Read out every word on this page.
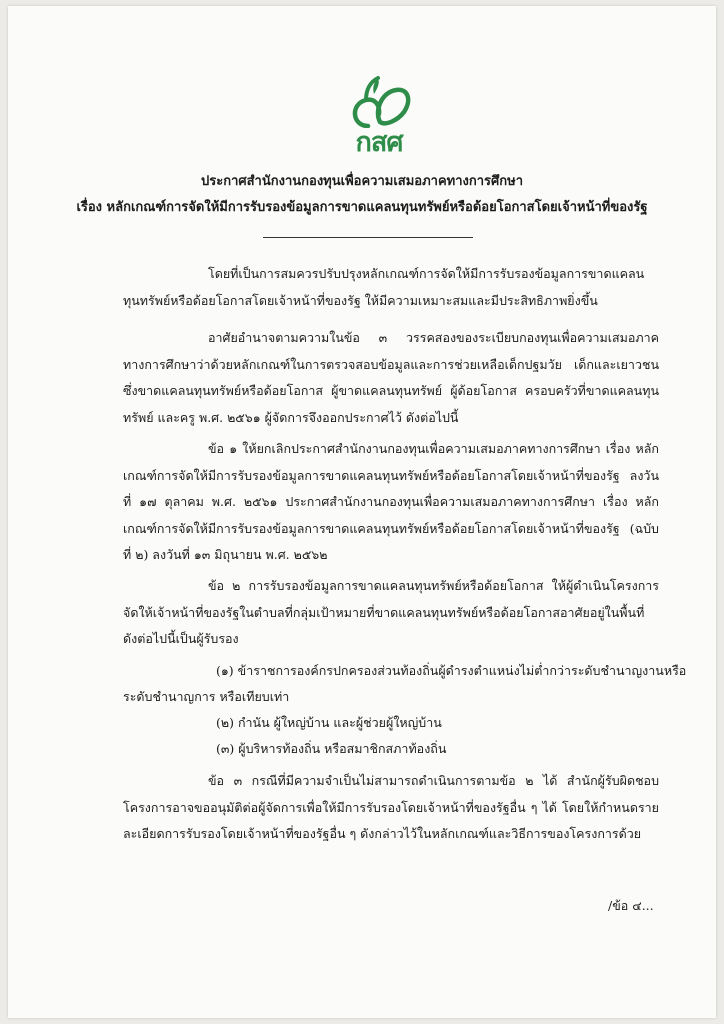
กสศ
ประกาศสำนักงานกองทุนเพื่อความเสมอภาคทางการศึกษา
เรื่อง หลักเกณฑ์การจัดให้มีการรับรองข้อมูลการขาดแคลนทุนทรัพย์หรือด้อยโอกาสโดยเจ้าหน้าที่ของรัฐ

โดยที่เป็นการสมควรปรับปรุงหลักเกณฑ์การจัดให้มีการรับรองข้อมูลการขาดแคลนทุนทรัพย์หรือด้อยโอกาสโดยเจ้าหน้าที่ของรัฐ ให้มีความเหมาะสมและมีประสิทธิภาพยิ่งขึ้น

อาศัยอำนาจตามความในข้อ ๓ วรรคสองของระเบียบกองทุนเพื่อความเสมอภาคทางการศึกษาว่าด้วยหลักเกณฑ์ในการตรวจสอบข้อมูลและการช่วยเหลือเด็กปฐมวัย เด็กและเยาวชนซึ่งขาดแคลนทุนทรัพย์หรือด้อยโอกาส ผู้ขาดแคลนทุนทรัพย์ ผู้ด้อยโอกาส ครอบครัวที่ขาดแคลนทุนทรัพย์ และครู พ.ศ. ๒๕๖๑ ผู้จัดการจึงออกประกาศไว้ ดังต่อไปนี้

ข้อ ๑ ให้ยกเลิกประกาศสำนักงานกองทุนเพื่อความเสมอภาคทางการศึกษา เรื่อง หลักเกณฑ์การจัดให้มีการรับรองข้อมูลการขาดแคลนทุนทรัพย์หรือด้อยโอกาสโดยเจ้าหน้าที่ของรัฐ ลงวันที่ ๑๗ ตุลาคม พ.ศ. ๒๕๖๑ ประกาศสำนักงานกองทุนเพื่อความเสมอภาคทางการศึกษา เรื่อง หลักเกณฑ์การจัดให้มีการรับรองข้อมูลการขาดแคลนทุนทรัพย์หรือด้อยโอกาสโดยเจ้าหน้าที่ของรัฐ (ฉบับที่ ๒) ลงวันที่ ๑๓ มิถุนายน พ.ศ. ๒๕๖๒

ข้อ ๒ การรับรองข้อมูลการขาดแคลนทุนทรัพย์หรือด้อยโอกาส ให้ผู้ดำเนินโครงการจัดให้เจ้าหน้าที่ของรัฐในตำบลที่กลุ่มเป้าหมายที่ขาดแคลนทุนทรัพย์หรือด้อยโอกาสอาศัยอยู่ในพื้นที่ ดังต่อไปนี้เป็นผู้รับรอง

(๑) ข้าราชการองค์กรปกครองส่วนท้องถิ่นผู้ดำรงตำแหน่งไม่ต่ำกว่าระดับชำนาญงานหรือ
ระดับชำนาญการ หรือเทียบเท่า
(๒) กำนัน ผู้ใหญ่บ้าน และผู้ช่วยผู้ใหญ่บ้าน
(๓) ผู้บริหารท้องถิ่น หรือสมาชิกสภาท้องถิ่น

ข้อ ๓ กรณีที่มีความจำเป็นไม่สามารถดำเนินการตามข้อ ๒ ได้ สำนักผู้รับผิดชอบโครงการอาจขออนุมัติต่อผู้จัดการเพื่อให้มีการรับรองโดยเจ้าหน้าที่ของรัฐอื่น ๆ ได้ โดยให้กำหนดรายละเอียดการรับรองโดยเจ้าหน้าที่ของรัฐอื่น ๆ ดังกล่าวไว้ในหลักเกณฑ์และวิธีการของโครงการด้วย

/ข้อ ๔...
